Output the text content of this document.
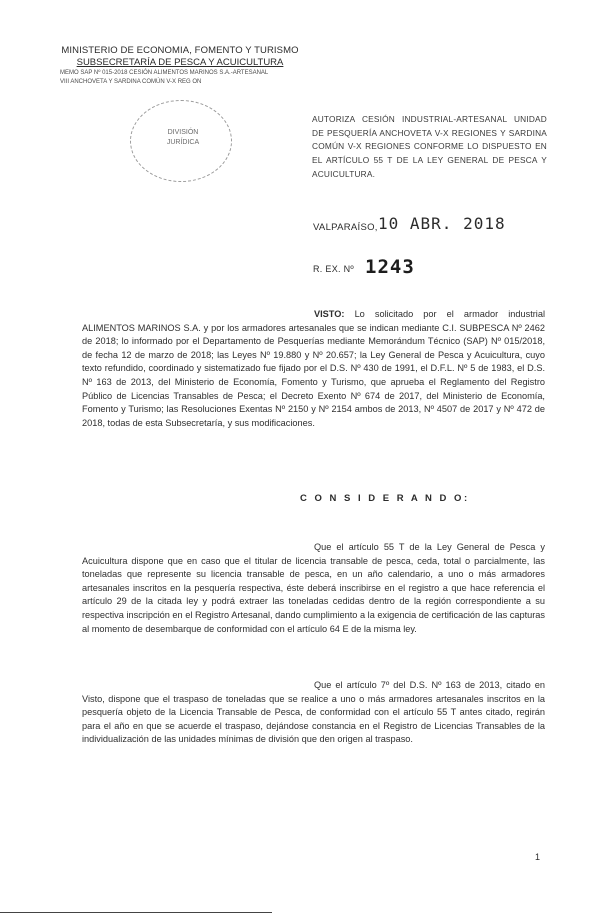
MINISTERIO DE ECONOMIA, FOMENTO Y TURISMO
SUBSECRETARÍA DE PESCA Y ACUICULTURA
MEMO SAP Nº 015-2018 CESIÓN ALIMENTOS MARINOS S.A.-ARTESANAL
VIII ANCHOVETA Y SARDINA COMÚN V-X REG ON
DIVISIÓN
JURÍDICA
AUTORIZA CESIÓN INDUSTRIAL-ARTESANAL UNIDAD DE PESQUERÍA ANCHOVETA V-X REGIONES Y SARDINA COMÚN V-X REGIONES CONFORME LO DISPUESTO EN EL ARTÍCULO 55 T DE LA LEY GENERAL DE PESCA Y ACUICULTURA.
VALPARAÍSO, 10 ABR. 2018
R. EX. Nº 1243
VISTO: Lo solicitado por el armador industrial ALIMENTOS MARINOS S.A. y por los armadores artesanales que se indican mediante C.I. SUBPESCA Nº 2462 de 2018; lo informado por el Departamento de Pesquerías mediante Memorándum Técnico (SAP) Nº 015/2018, de fecha 12 de marzo de 2018; las Leyes Nº 19.880 y Nº 20.657; la Ley General de Pesca y Acuicultura, cuyo texto refundido, coordinado y sistematizado fue fijado por el D.S. Nº 430 de 1991, el D.F.L. Nº 5 de 1983, el D.S. Nº 163 de 2013, del Ministerio de Economía, Fomento y Turismo, que aprueba el Reglamento del Registro Público de Licencias Transables de Pesca; el Decreto Exento Nº 674 de 2017, del Ministerio de Economía, Fomento y Turismo; las Resoluciones Exentas Nº 2150 y Nº 2154 ambos de 2013, Nº 4507 de 2017 y Nº 472 de 2018, todas de esta Subsecretaría, y sus modificaciones.
C O N S I D E R A N D O:
Que el artículo 55 T de la Ley General de Pesca y Acuicultura dispone que en caso que el titular de licencia transable de pesca, ceda, total o parcialmente, las toneladas que represente su licencia transable de pesca, en un año calendario, a uno o más armadores artesanales inscritos en la pesquería respectiva, éste deberá inscribirse en el registro a que hace referencia el artículo 29 de la citada ley y podrá extraer las toneladas cedidas dentro de la región correspondiente a su respectiva inscripción en el Registro Artesanal, dando cumplimiento a la exigencia de certificación de las capturas al momento de desembarque de conformidad con el artículo 64 E de la misma ley.
Que el artículo 7º del D.S. Nº 163 de 2013, citado en Visto, dispone que el traspaso de toneladas que se realice a uno o más armadores artesanales inscritos en la pesquería objeto de la Licencia Transable de Pesca, de conformidad con el artículo 55 T antes citado, regirán para el año en que se acuerde el traspaso, dejándose constancia en el Registro de Licencias Transables de la individualización de las unidades mínimas de división que den origen al traspaso.
1
